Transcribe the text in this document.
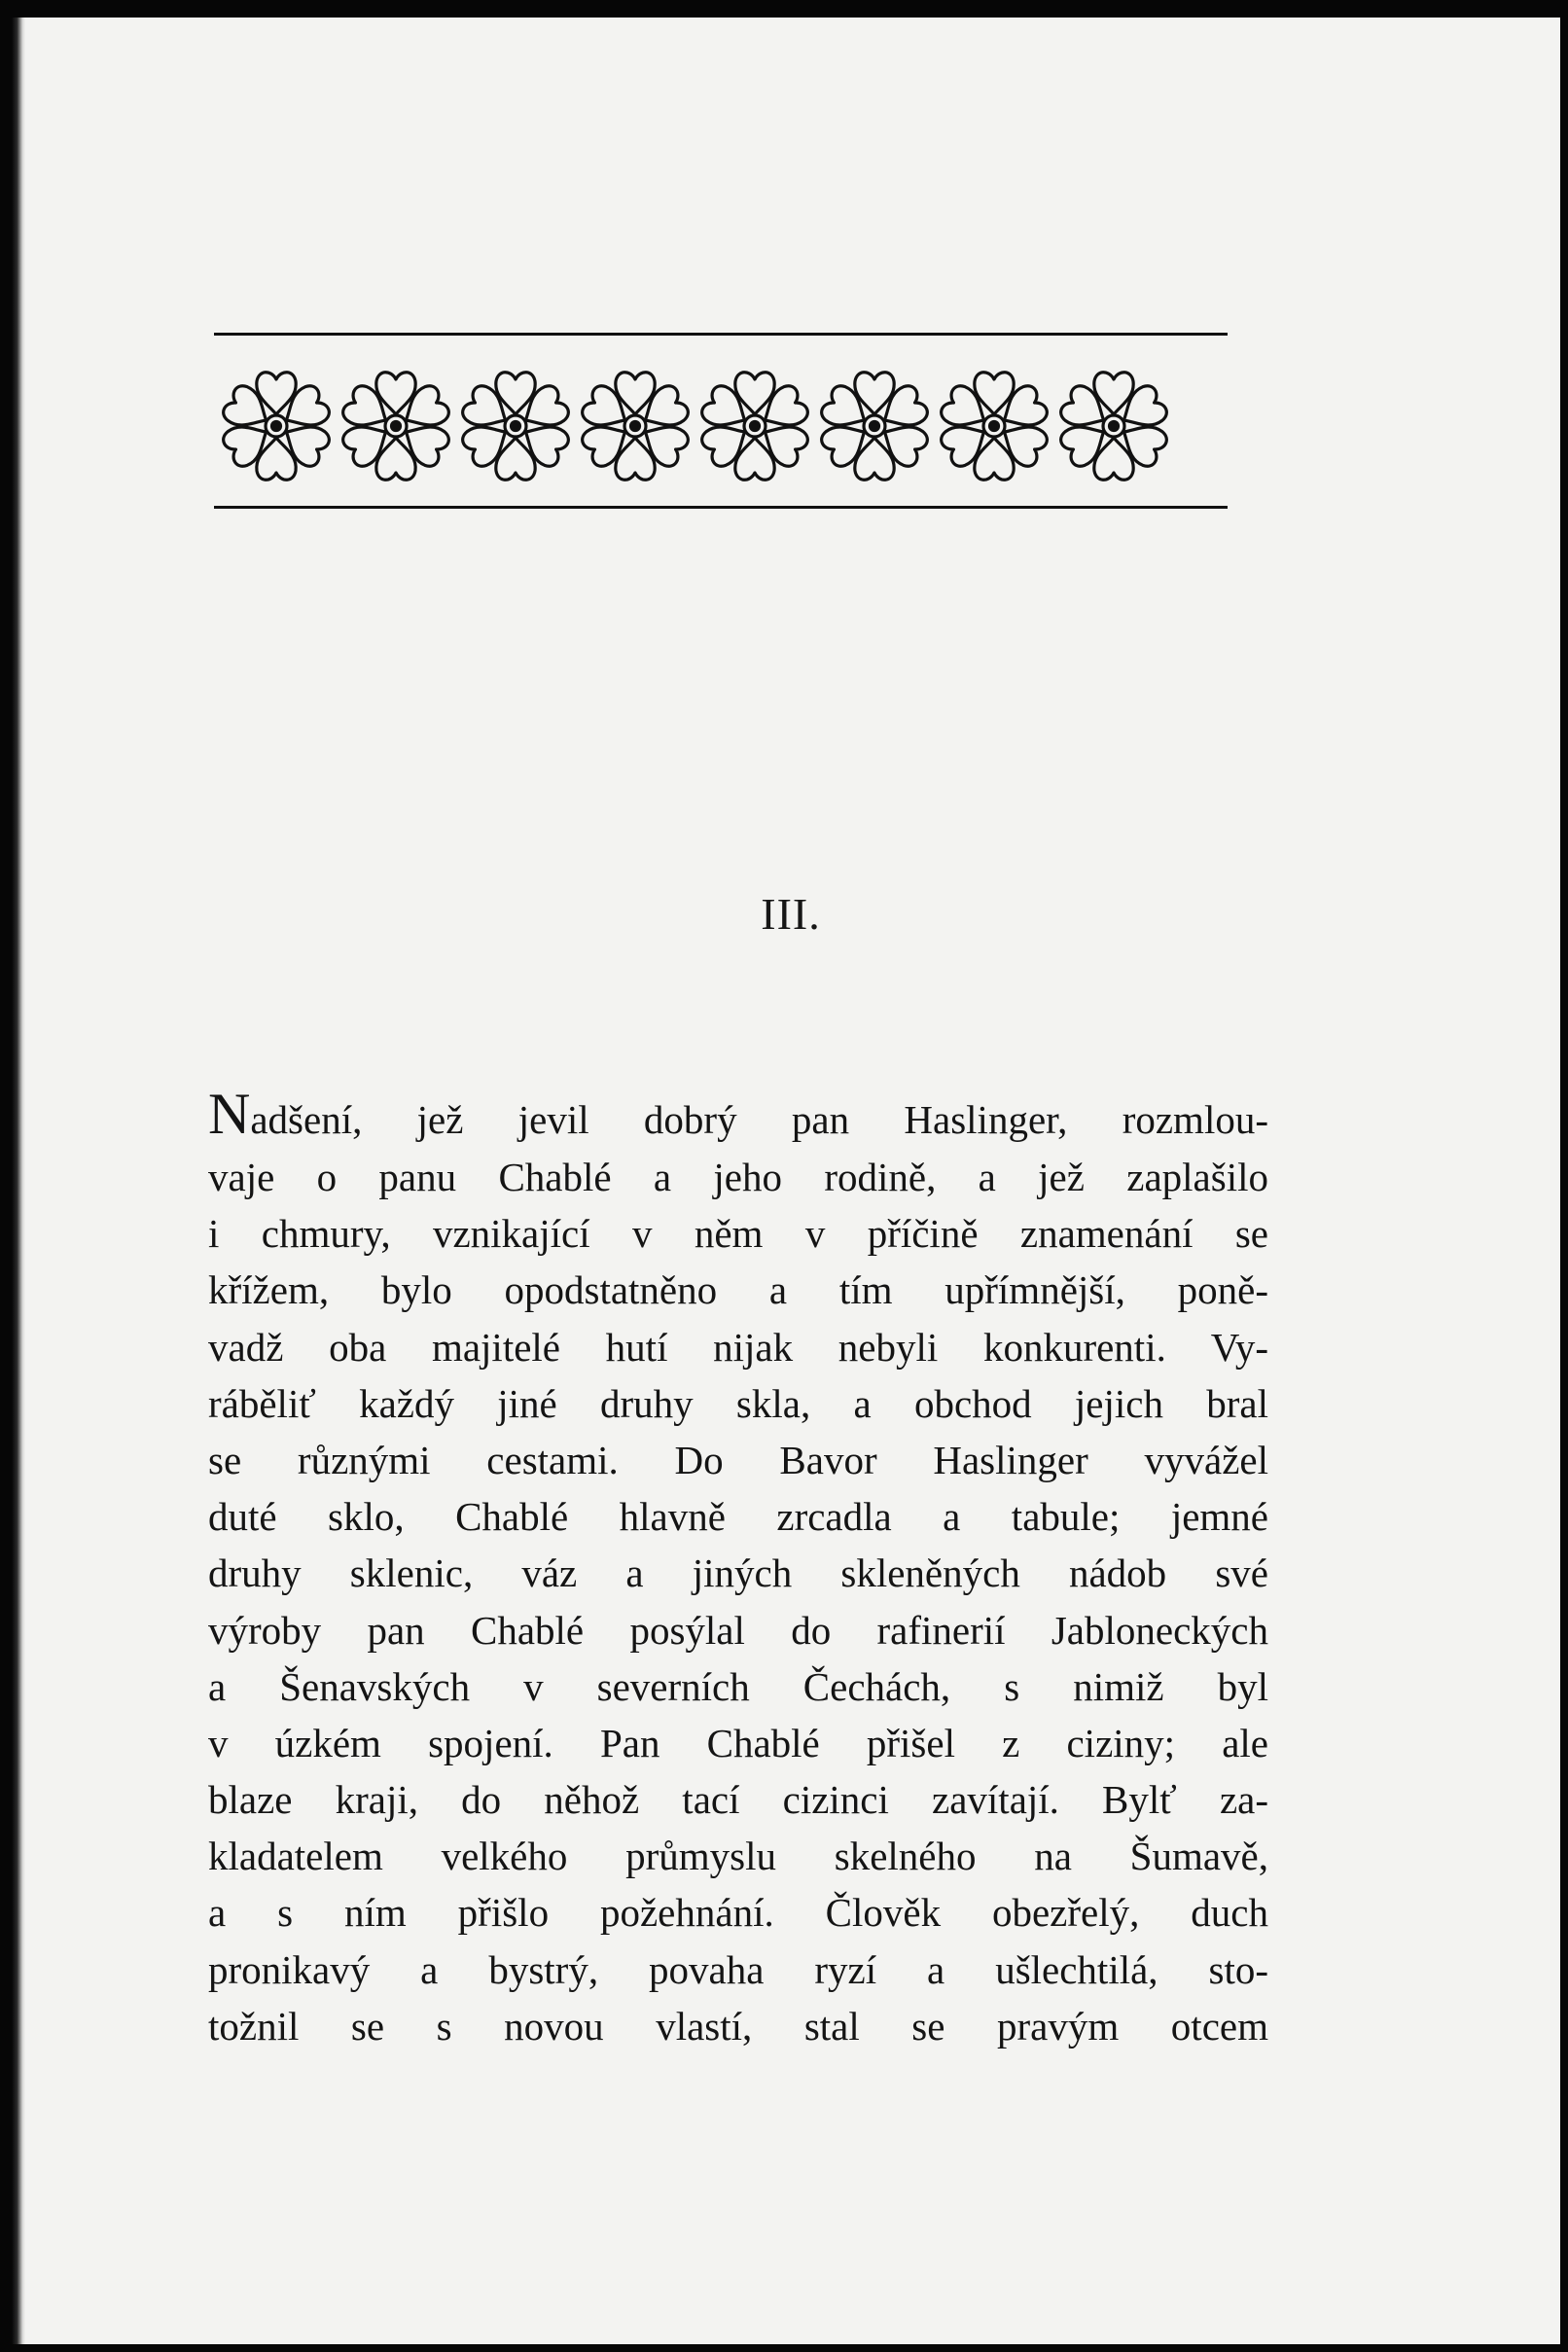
III.
Nadšení, jež jevil dobrý pan Haslinger, rozmlou-
vaje o panu Chablé a jeho rodině, a jež zaplašilo
i chmury, vznikající v něm v příčině znamenání se
křížem, bylo opodstatněno a tím upřímnější, poně-
vadž oba majitelé hutí nijak nebyli konkurenti. Vy-
ráběliť každý jiné druhy skla, a obchod jejich bral
se různými cestami. Do Bavor Haslinger vyvážel
duté sklo, Chablé hlavně zrcadla a tabule; jemné
druhy sklenic, váz a jiných skleněných nádob své
výroby pan Chablé posýlal do rafinerií Jabloneckých
a Šenavských v severních Čechách, s nimiž byl
v úzkém spojení. Pan Chablé přišel z ciziny; ale
blaze kraji, do něhož tací cizinci zavítají. Bylť za-
kladatelem velkého průmyslu skelného na Šumavě,
a s ním přišlo požehnání. Člověk obezřelý, duch
pronikavý a bystrý, povaha ryzí a ušlechtilá, sto-
tožnil se s novou vlastí, stal se pravým otcem
